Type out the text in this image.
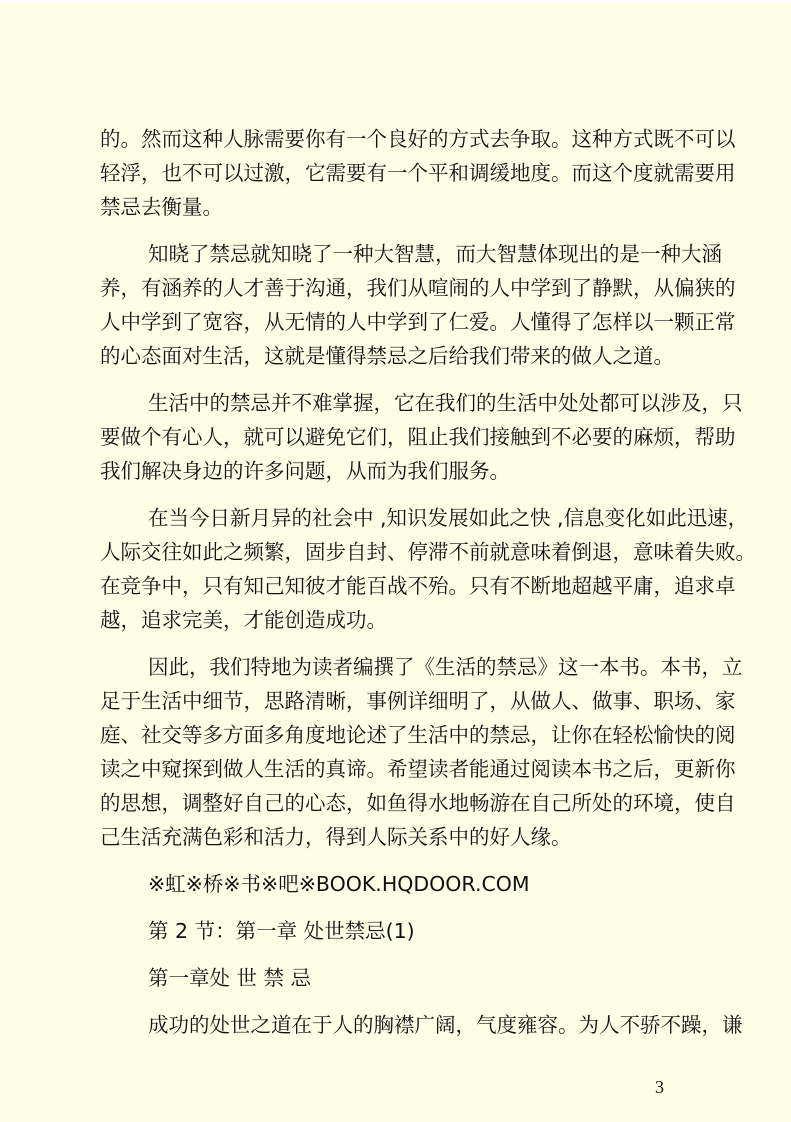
的。然而这种人脉需要你有一个良好的方式去争取。这种方式既不可以
轻浮，也不可以过激，它需要有一个平和调缓地度。而这个度就需要用
禁忌去衡量。

知晓了禁忌就知晓了一种大智慧，而大智慧体现出的是一种大涵
养，有涵养的人才善于沟通，我们从喧闹的人中学到了静默，从偏狭的
人中学到了宽容，从无情的人中学到了仁爱。人懂得了怎样以一颗正常
的心态面对生活，这就是懂得禁忌之后给我们带来的做人之道。

生活中的禁忌并不难掌握，它在我们的生活中处处都可以涉及，只
要做个有心人，就可以避免它们，阻止我们接触到不必要的麻烦，帮助
我们解决身边的许多问题，从而为我们服务。

在当今日新月异的社会中 ,知识发展如此之快 ,信息变化如此迅速，
人际交往如此之频繁，固步自封、停滞不前就意味着倒退，意味着失败。
在竞争中，只有知己知彼才能百战不殆。只有不断地超越平庸，追求卓
越，追求完美，才能创造成功。

因此，我们特地为读者编撰了《生活的禁忌》这一本书。本书，立
足于生活中细节，思路清晰，事例详细明了，从做人、做事、职场、家
庭、社交等多方面多角度地论述了生活中的禁忌，让你在轻松愉快的阅
读之中窥探到做人生活的真谛。希望读者能通过阅读本书之后，更新你
的思想，调整好自己的心态，如鱼得水地畅游在自己所处的环境，使自
己生活充满色彩和活力，得到人际关系中的好人缘。

※虹※桥※书※吧※BOOK.HQDOOR.COM

第 2 节：第一章 处世禁忌(1)

第一章处 世 禁 忌

成功的处世之道在于人的胸襟广阔，气度雍容。为人不骄不躁，谦

3
